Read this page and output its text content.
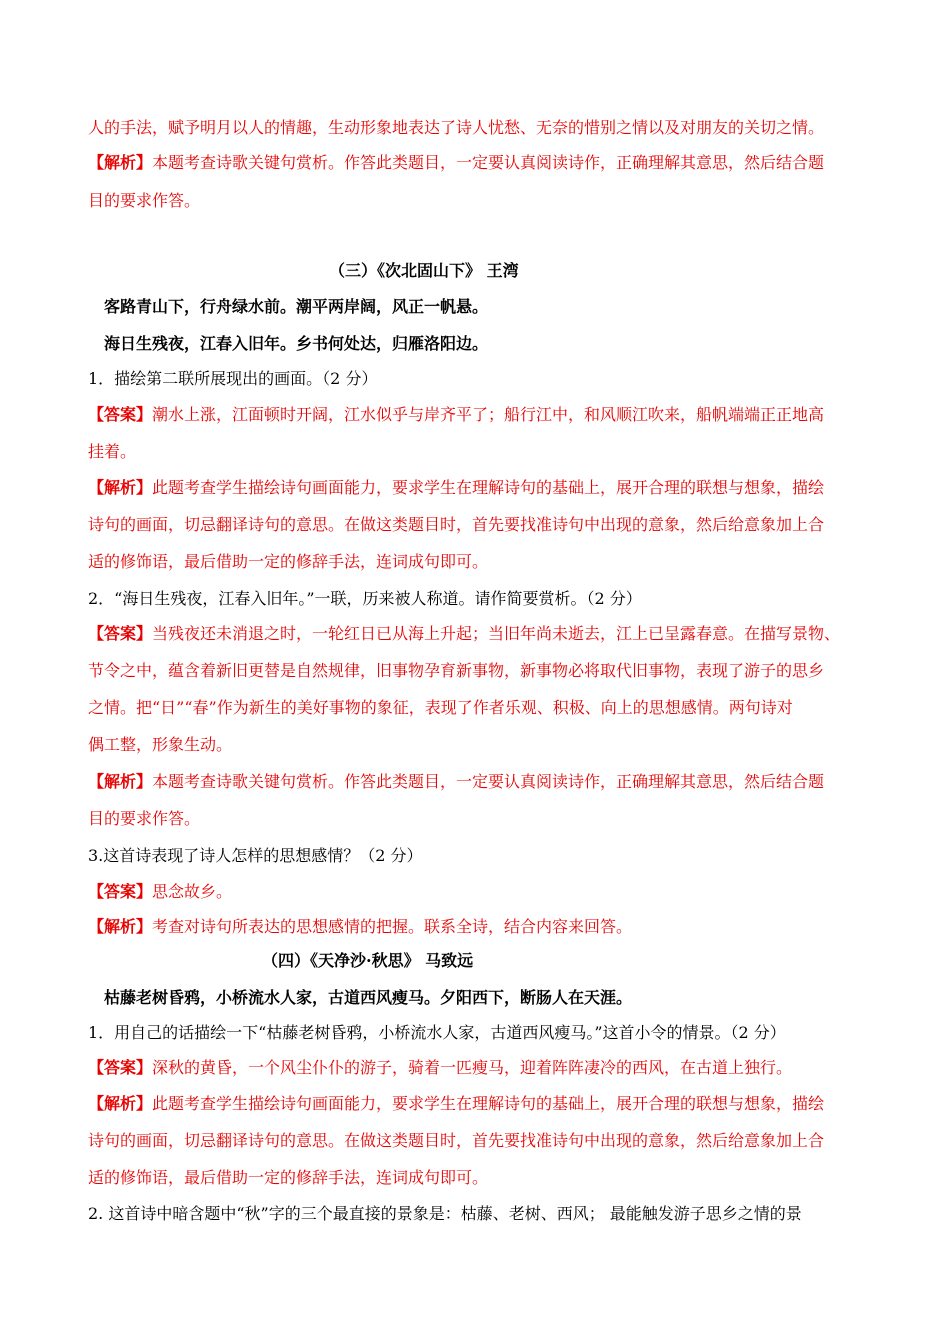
人的手法，赋予明月以人的情趣，生动形象地表达了诗人忧愁、无奈的惜别之情以及对朋友的关切之情。
【解析】本题考查诗歌关键句赏析。作答此类题目，一定要认真阅读诗作，正确理解其意思，然后结合题
目的要求作答。
（三）《次北固山下》 王湾
客路青山下，行舟绿水前。潮平两岸阔，风正一帆悬。
海日生残夜，江春入旧年。乡书何处达，归雁洛阳边。
1．描绘第二联所展现出的画面。（2 分）
【答案】潮水上涨，江面顿时开阔，江水似乎与岸齐平了；船行江中，和风顺江吹来，船帆端端正正地高
挂着。
【解析】此题考查学生描绘诗句画面能力，要求学生在理解诗句的基础上，展开合理的联想与想象，描绘
诗句的画面，切忌翻译诗句的意思。在做这类题目时，首先要找准诗句中出现的意象，然后给意象加上合
适的修饰语，最后借助一定的修辞手法，连词成句即可。
2．“海日生残夜，江春入旧年。”一联，历来被人称道。请作简要赏析。（2 分）
【答案】当残夜还未消退之时，一轮红日已从海上升起；当旧年尚未逝去，江上已呈露春意。在描写景物、
节令之中，蕴含着新旧更替是自然规律，旧事物孕育新事物，新事物必将取代旧事物，表现了游子的思乡
之情。把“日”“春”作为新生的美好事物的象征，表现了作者乐观、积极、向上的思想感情。两句诗对
偶工整，形象生动。
【解析】本题考查诗歌关键句赏析。作答此类题目，一定要认真阅读诗作，正确理解其意思，然后结合题
目的要求作答。
3.这首诗表现了诗人怎样的思想感情？（2 分）
【答案】思念故乡。
【解析】考查对诗句所表达的思想感情的把握。联系全诗，结合内容来回答。
（四）《天净沙·秋思》 马致远
枯藤老树昏鸦，小桥流水人家，古道西风瘦马。夕阳西下，断肠人在天涯。
1．用自己的话描绘一下“枯藤老树昏鸦，小桥流水人家，古道西风瘦马。”这首小令的情景。（2 分）
【答案】深秋的黄昏，一个风尘仆仆的游子，骑着一匹瘦马，迎着阵阵凄冷的西风，在古道上独行。
【解析】此题考查学生描绘诗句画面能力，要求学生在理解诗句的基础上，展开合理的联想与想象，描绘
诗句的画面，切忌翻译诗句的意思。在做这类题目时，首先要找准诗句中出现的意象，然后给意象加上合
适的修饰语，最后借助一定的修辞手法，连词成句即可。
2. 这首诗中暗含题中“秋”字的三个最直接的景象是：枯藤、老树、西风； 最能触发游子思乡之情的景
